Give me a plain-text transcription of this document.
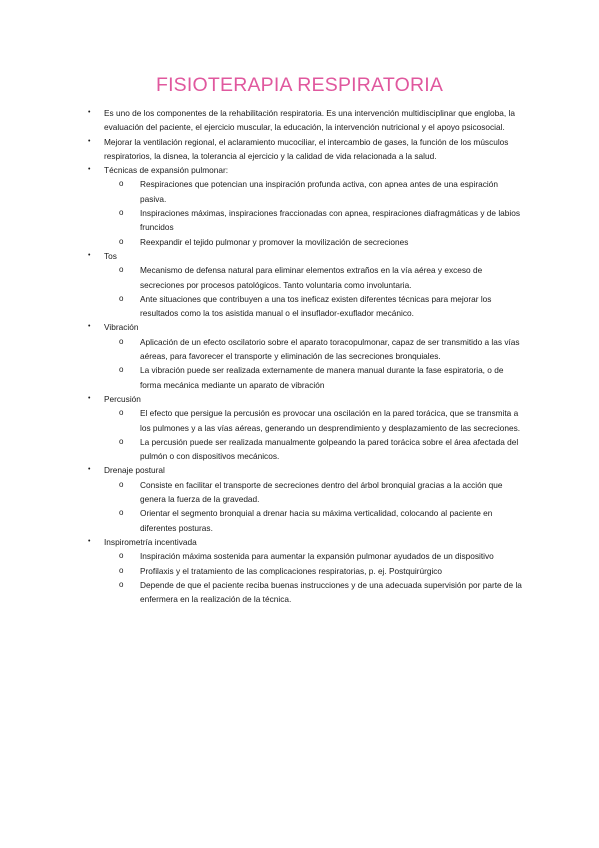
FISIOTERAPIA RESPIRATORIA
• Es uno de los componentes de la rehabilitación respiratoria. Es una intervención multidisciplinar que engloba, la evaluación del paciente, el ejercicio muscular, la educación, la intervención nutricional y el apoyo psicosocial.
• Mejorar la ventilación regional, el aclaramiento mucociliar, el intercambio de gases, la función de los músculos respiratorios, la disnea, la tolerancia al ejercicio y la calidad de vida relacionada a la salud.
• Técnicas de expansión pulmonar:
o Respiraciones que potencian una inspiración profunda activa, con apnea antes de una espiración pasiva.
o Inspiraciones máximas, inspiraciones fraccionadas con apnea, respiraciones diafragmáticas y de labios fruncidos
o Reexpandir el tejido pulmonar y promover la movilización de secreciones
• Tos
o Mecanismo de defensa natural para eliminar elementos extraños en la vía aérea y exceso de secreciones por procesos patológicos. Tanto voluntaria como involuntaria.
o Ante situaciones que contribuyen a una tos ineficaz existen diferentes técnicas para mejorar los resultados como la tos asistida manual o el insuflador-exuflador mecánico.
• Vibración
o Aplicación de un efecto oscilatorio sobre el aparato toracopulmonar, capaz de ser transmitido a las vías aéreas, para favorecer el transporte y eliminación de las secreciones bronquiales.
o La vibración puede ser realizada externamente de manera manual durante la fase espiratoria, o de forma mecánica mediante un aparato de vibración
• Percusión
o El efecto que persigue la percusión es provocar una oscilación en la pared torácica, que se transmita a los pulmones y a las vías aéreas, generando un desprendimiento y desplazamiento de las secreciones.
o La percusión puede ser realizada manualmente golpeando la pared torácica sobre el área afectada del pulmón o con dispositivos mecánicos.
• Drenaje postural
o Consiste en facilitar el transporte de secreciones dentro del árbol bronquial gracias a la acción que genera la fuerza de la gravedad.
o Orientar el segmento bronquial a drenar hacia su máxima verticalidad, colocando al paciente en diferentes posturas.
• Inspirometría incentivada
o Inspiración máxima sostenida para aumentar la expansión pulmonar ayudados de un dispositivo
o Profilaxis y el tratamiento de las complicaciones respiratorias, p. ej. Postquirúrgico
o Depende de que el paciente reciba buenas instrucciones y de una adecuada supervisión por parte de la enfermera en la realización de la técnica.
